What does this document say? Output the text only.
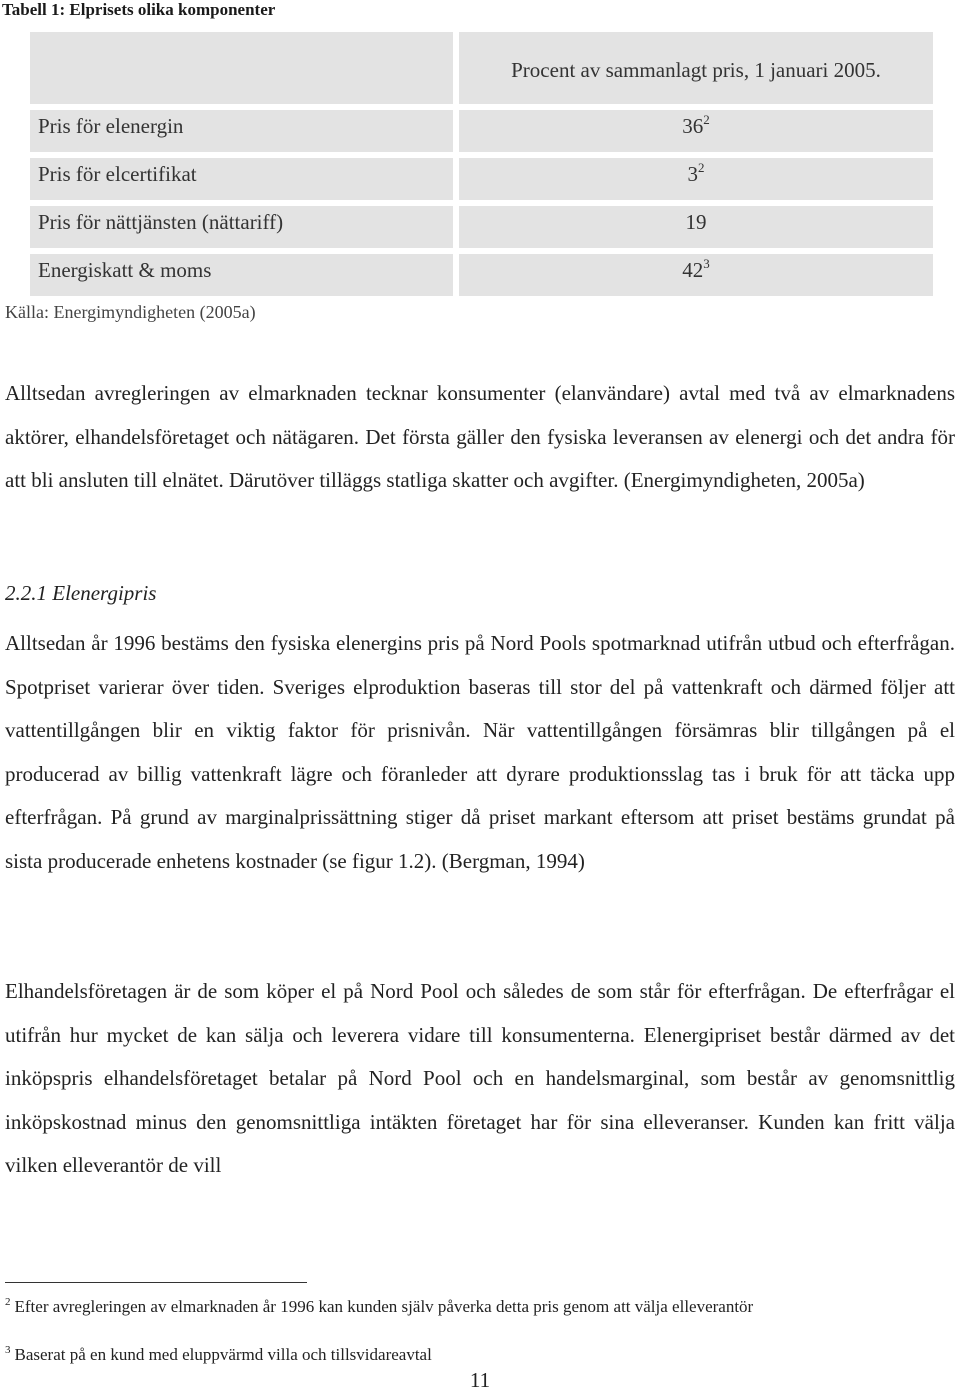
Tabell 1: Elprisets olika komponenter
Procent av sammanlagt pris, 1 januari 2005.
Pris för elenergin	$36^2$
Pris för elcertifikat	$3^2$
Pris för nättjänsten (nättariff)	19
Energiskatt & moms	$42^3$
Källa: Energimyndigheten (2005a)
Alltsedan avregleringen av elmarknaden tecknar konsumenter (elanvändare) avtal med två av elmarknadens aktörer, elhandelsföretaget och nätägaren. Det första gäller den fysiska leveransen av elenergi och det andra för att bli ansluten till elnätet. Därutöver tilläggs statliga skatter och avgifter. (Energimyndigheten, 2005a)
2.2.1 Elenergipris
Alltsedan år 1996 bestäms den fysiska elenergins pris på Nord Pools spotmarknad utifrån utbud och efterfrågan. Spotpriset varierar över tiden. Sveriges elproduktion baseras till stor del på vattenkraft och därmed följer att vattentillgången blir en viktig faktor för prisnivån. När vattentillgången försämras blir tillgången på el producerad av billig vattenkraft lägre och föranleder att dyrare produktionsslag tas i bruk för att täcka upp efterfrågan. På grund av marginalprissättning stiger då priset markant eftersom att priset bestäms grundat på sista producerade enhetens kostnader (se figur 1.2). (Bergman, 1994)
Elhandelsföretagen är de som köper el på Nord Pool och således de som står för efterfrågan. De efterfrågar el utifrån hur mycket de kan sälja och leverera vidare till konsumenterna. Elenergipriset består därmed av det inköpspris elhandelsföretaget betalar på Nord Pool och en handelsmarginal, som består av genomsnittlig inköpskostnad minus den genomsnittliga intäkten företaget har för sina elleveranser. Kunden kan fritt välja vilken elleverantör de vill
$^2$ Efter avregleringen av elmarknaden år 1996 kan kunden själv påverka detta pris genom att välja elleverantör
$^3$ Baserat på en kund med eluppvärmd villa och tillsvidareavtal
11
